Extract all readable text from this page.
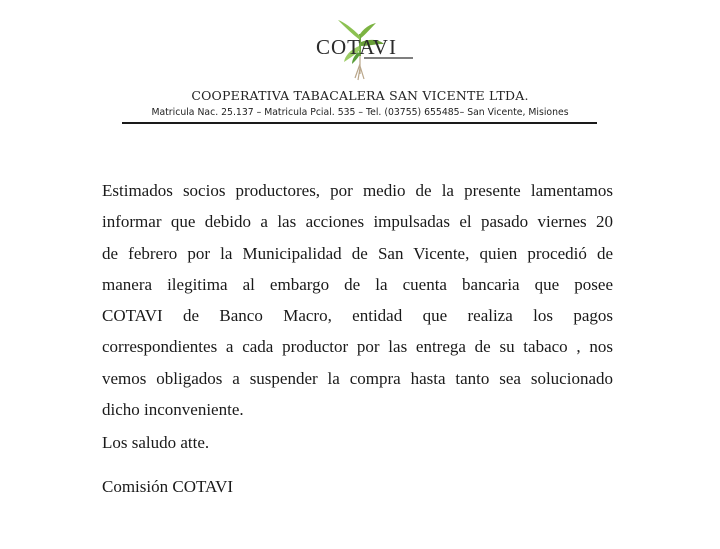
COTAVI
COOPERATIVA TABACALERA SAN VICENTE LTDA.
Matricula Nac. 25.137 – Matricula Pcial. 535 – Tel. (03755) 655485– San Vicente, Misiones
Estimados socios productores, por medio de la presente lamentamos
informar que debido a las acciones impulsadas el pasado viernes 20
de febrero por la Municipalidad de San Vicente, quien procedió de
manera ilegitima al embargo de la cuenta bancaria que posee
COTAVI de Banco Macro, entidad que realiza los pagos
correspondientes a cada productor por las entrega de su tabaco , nos
vemos obligados a suspender la compra hasta tanto sea solucionado
dicho inconveniente.
Los saludo atte.
Comisión COTAVI
